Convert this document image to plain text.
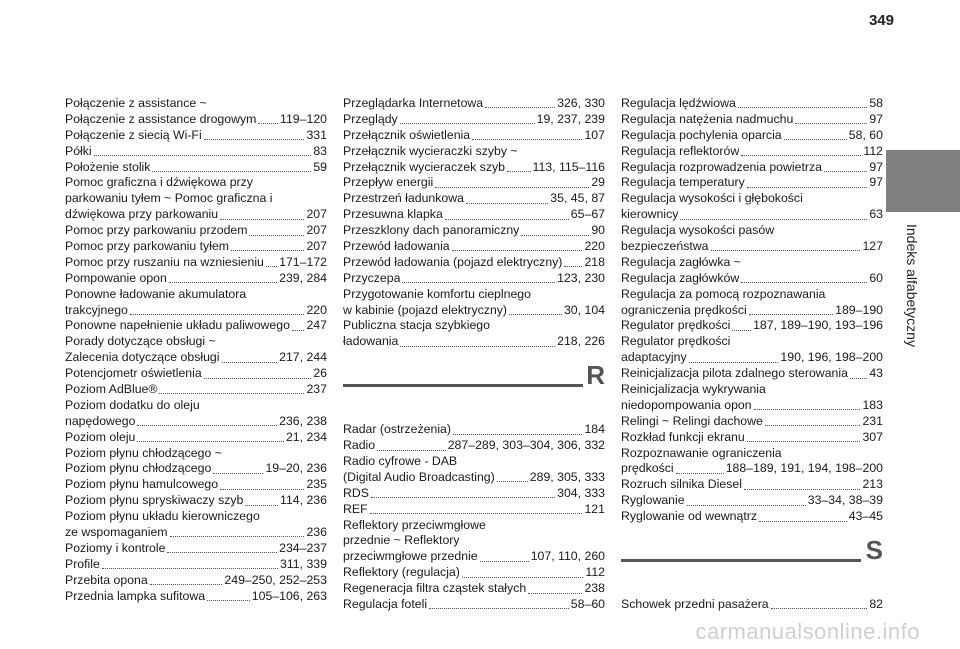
349
Indeks alfabetyczny
Połączenie z assistance ~
Połączenie z assistance drogowym 119–120
Połączenie z siecią Wi-Fi	331
Półki	83
Położenie stolik	59
Pomoc graficzna i dźwiękowa przy
parkowaniu tyłem ~ Pomoc graficzna i
dźwiękowa przy parkowaniu	207
Pomoc przy parkowaniu przodem	207
Pomoc przy parkowaniu tyłem	207
Pomoc przy ruszaniu na wzniesieniu 171–172
Pompowanie opon	239, 284
Ponowne ładowanie akumulatora
trakcyjnego	220
Ponowne napełnienie układu paliwowego 247
Porady dotyczące obsługi ~
Zalecenia dotyczące obsługi	217, 244
Potencjometr oświetlenia	26
Poziom AdBlue®	237
Poziom dodatku do oleju
napędowego	236, 238
Poziom oleju	21, 234
Poziom płynu chłodzącego ~
Poziom płynu chłodzącego	19–20, 236
Poziom płynu hamulcowego	235
Poziom płynu spryskiwaczy szyb	114, 236
Poziom płynu układu kierowniczego
ze wspomaganiem	236
Poziomy i kontrole	234–237
Profile	311, 339
Przebita opona	249–250, 252–253
Przednia lampka sufitowa	105–106, 263
Przeglądarka Internetowa	326, 330
Przeglądy	19, 237, 239
Przełącznik oświetlenia	107
Przełącznik wycieraczki szyby ~
Przełącznik wycieraczek szyb 113, 115–116
Przepływ energii	29
Przestrzeń ładunkowa	35, 45, 87
Przesuwna klapka	65–67
Przeszklony dach panoramiczny	90
Przewód ładowania	220
Przewód ładowania (pojazd elektryczny) 218
Przyczepa	123, 230
Przygotowanie komfortu cieplnego
w kabinie (pojazd elektryczny)	30, 104
Publiczna stacja szybkiego
ładowania	218, 226
R
Radar (ostrzeżenia)	184
Radio	287–289, 303–304, 306, 332
Radio cyfrowe - DAB
(Digital Audio Broadcasting)	289, 305, 333
RDS	304, 333
REF	121
Reflektory przeciwmgłowe
przednie ~ Reflektory
przeciwmgłowe przednie	107, 110, 260
Reflektory (regulacja)	112
Regeneracja filtra cząstek stałych	238
Regulacja foteli	58–60
Regulacja lędźwiowa	58
Regulacja natężenia nadmuchu	97
Regulacja pochylenia oparcia	58, 60
Regulacja reflektorów	112
Regulacja rozprowadzenia powietrza	97
Regulacja temperatury	97
Regulacja wysokości i głębokości
kierownicy	63
Regulacja wysokości pasów
bezpieczeństwa	127
Regulacja zagłówka ~
Regulacja zagłówków	60
Regulacja za pomocą rozpoznawania
ograniczenia prędkości	189–190
Regulator prędkości 187, 189–190, 193–196
Regulator prędkości
adaptacyjny	190, 196, 198–200
Reinicjalizacja pilota zdalnego sterowania 43
Reinicjalizacja wykrywania
niedopompowania opon	183
Relingi ~ Relingi dachowe	231
Rozkład funkcji ekranu	307
Rozpoznawanie ograniczenia
prędkości	188–189, 191, 194, 198–200
Rozruch silnika Diesel	213
Ryglowanie	33–34, 38–39
Ryglowanie od wewnątrz	43–45
S
Schowek przedni pasażera	82
carmanualsonline.info
